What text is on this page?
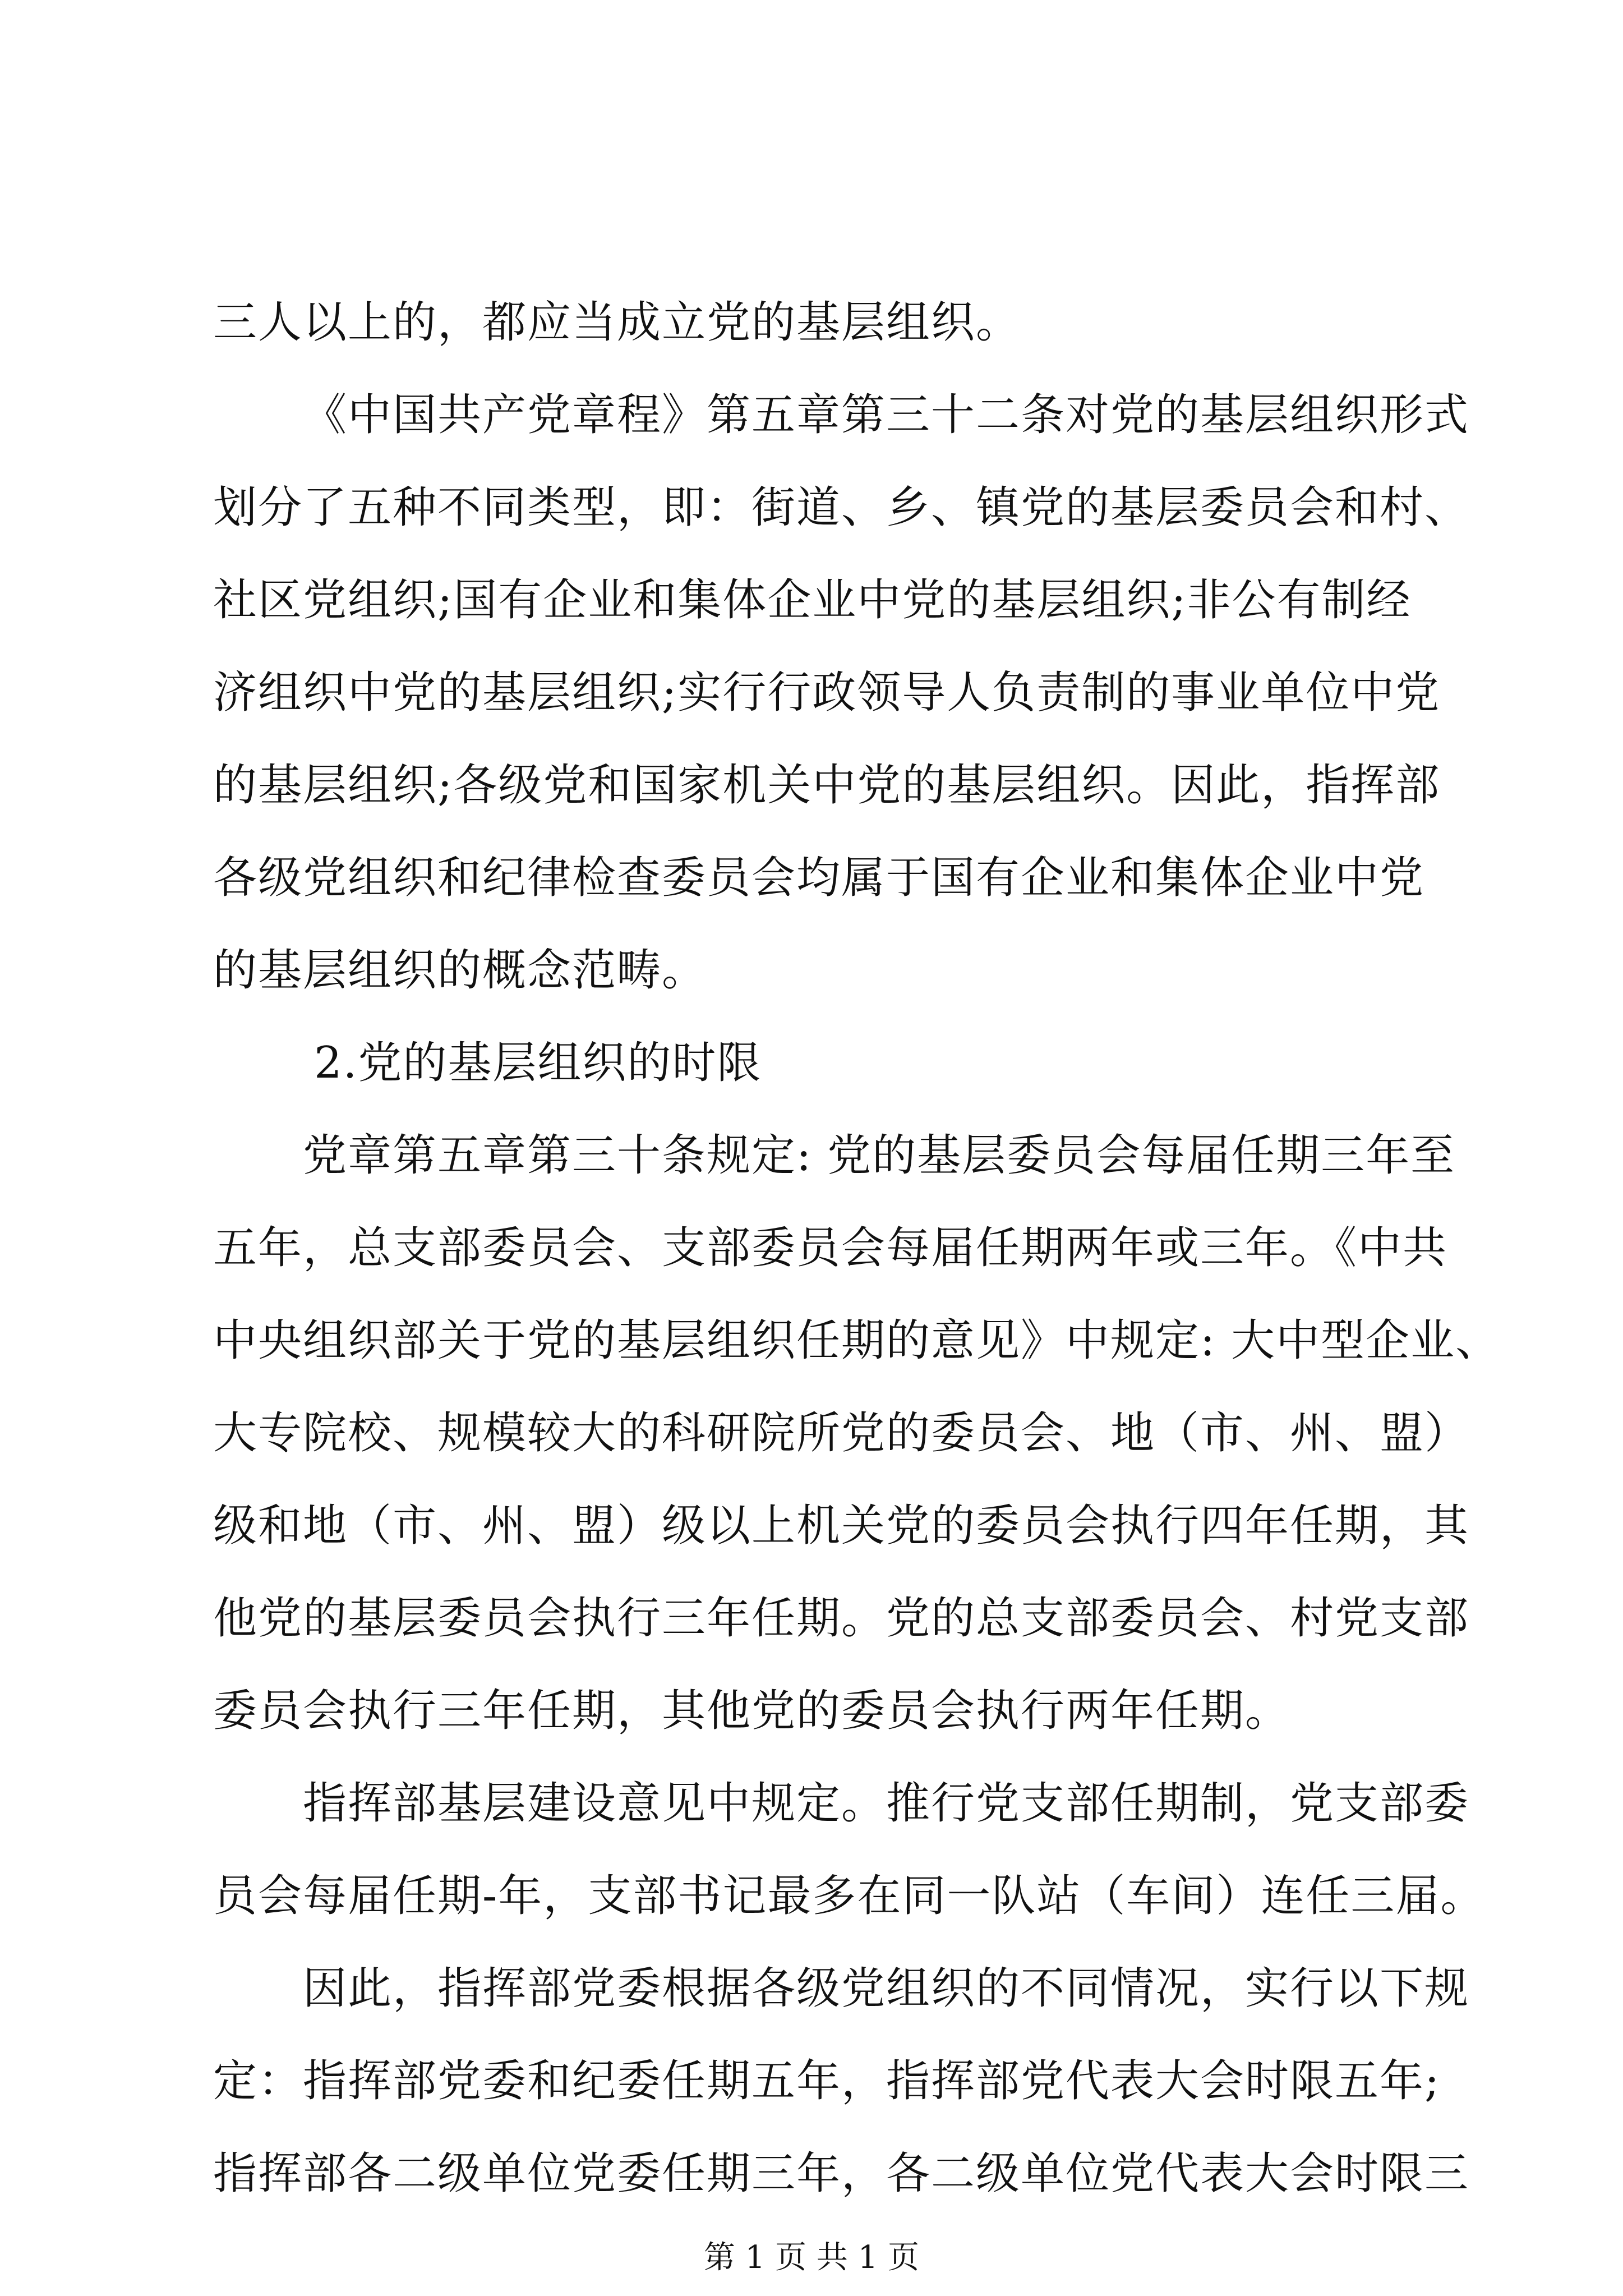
三人以上的，都应当成立党的基层组织。
《中国共产党章程》第五章第三十二条对党的基层组织形式
划分了五种不同类型，即：街道、乡、镇党的基层委员会和村、
社区党组织;国有企业和集体企业中党的基层组织;非公有制经
济组织中党的基层组织;实行行政领导人负责制的事业单位中党
的基层组织;各级党和国家机关中党的基层组织。因此，指挥部
各级党组织和纪律检查委员会均属于国有企业和集体企业中党
的基层组织的概念范畴。
2.党的基层组织的时限
党章第五章第三十条规定: 党的基层委员会每届任期三年至
五年，总支部委员会、支部委员会每届任期两年或三年。《中共
中央组织部关于党的基层组织任期的意见》中规定: 大中型企业、
大专院校、规模较大的科研院所党的委员会、地（市、州、盟）
级和地（市、州、盟）级以上机关党的委员会执行四年任期，其
他党的基层委员会执行三年任期。党的总支部委员会、村党支部
委员会执行三年任期，其他党的委员会执行两年任期。
指挥部基层建设意见中规定。推行党支部任期制，党支部委
员会每届任期-年，支部书记最多在同一队站（车间）连任三届。
因此，指挥部党委根据各级党组织的不同情况，实行以下规
定：指挥部党委和纪委任期五年，指挥部党代表大会时限五年;
指挥部各二级单位党委任期三年，各二级单位党代表大会时限三
第 1 页 共 1 页
